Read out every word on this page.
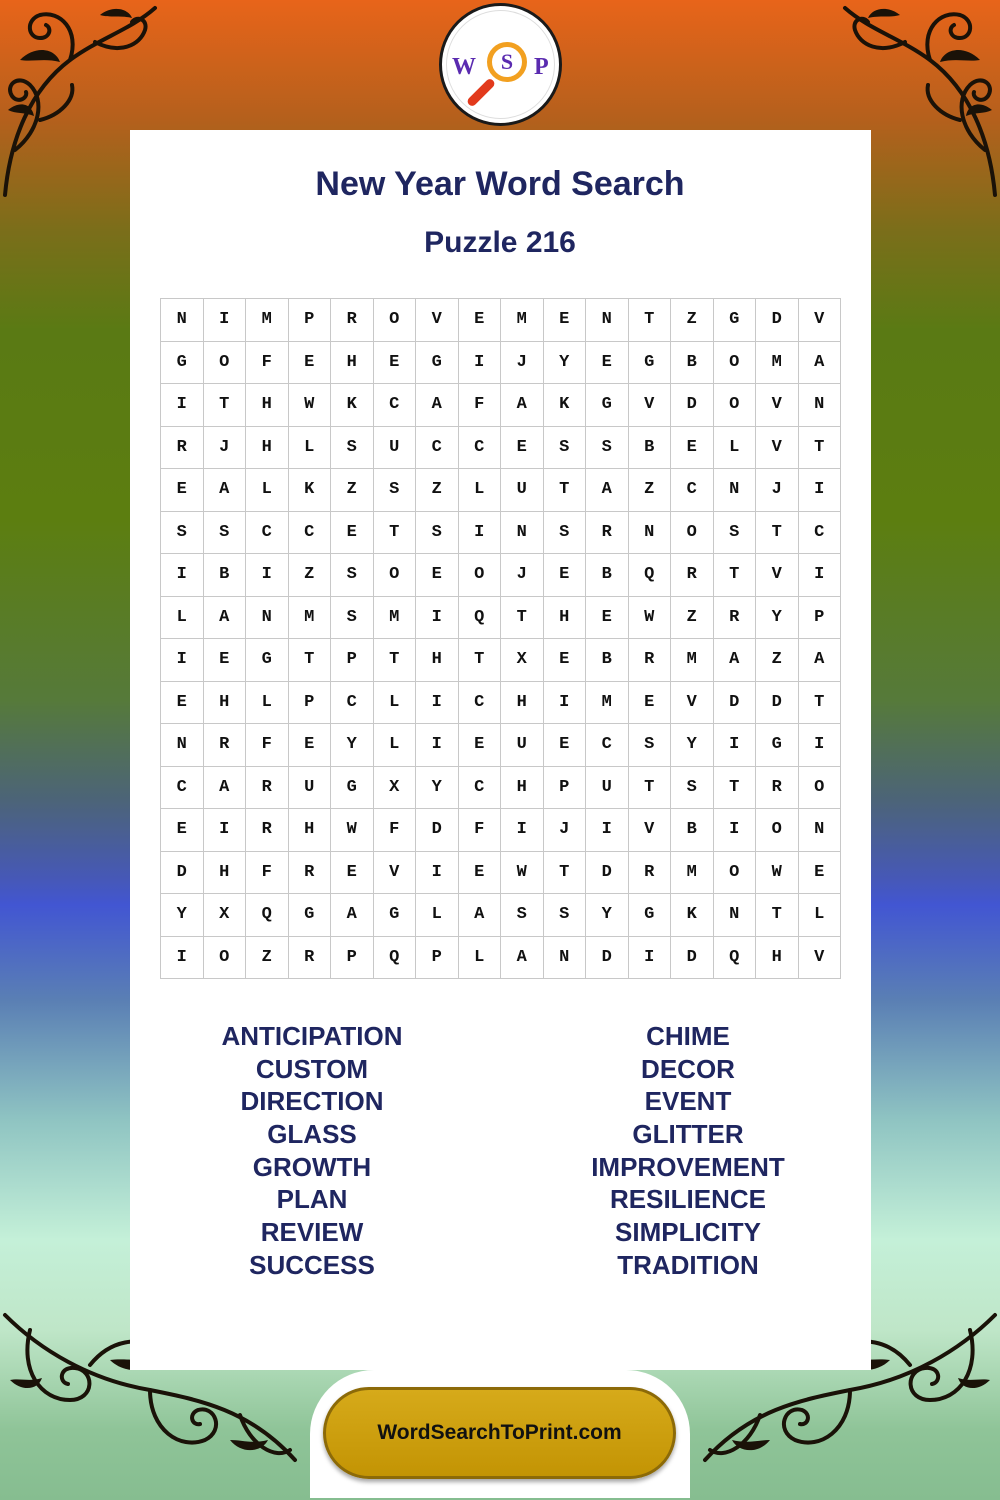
W S P
New Year Word Search
Puzzle 216
N	I	M	P	R	O	V	E	M	E	N	T	Z	G	D	V
G	O	F	E	H	E	G	I	J	Y	E	G	B	O	M	A
I	T	H	W	K	C	A	F	A	K	G	V	D	O	V	N
R	J	H	L	S	U	C	C	E	S	S	B	E	L	V	T
E	A	L	K	Z	S	Z	L	U	T	A	Z	C	N	J	I
S	S	C	C	E	T	S	I	N	S	R	N	O	S	T	C
I	B	I	Z	S	O	E	O	J	E	B	Q	R	T	V	I
L	A	N	M	S	M	I	Q	T	H	E	W	Z	R	Y	P
I	E	G	T	P	T	H	T	X	E	B	R	M	A	Z	A
E	H	L	P	C	L	I	C	H	I	M	E	V	D	D	T
N	R	F	E	Y	L	I	E	U	E	C	S	Y	I	G	I
C	A	R	U	G	X	Y	C	H	P	U	T	S	T	R	O
E	I	R	H	W	F	D	F	I	J	I	V	B	I	O	N
D	H	F	R	E	V	I	E	W	T	D	R	M	O	W	E
Y	X	Q	G	A	G	L	A	S	S	Y	G	K	N	T	L
I	O	Z	R	P	Q	P	L	A	N	D	I	D	Q	H	V
ANTICIPATION
CUSTOM
DIRECTION
GLASS
GROWTH
PLAN
REVIEW
SUCCESS
CHIME
DECOR
EVENT
GLITTER
IMPROVEMENT
RESILIENCE
SIMPLICITY
TRADITION
WordSearchToPrint.com
